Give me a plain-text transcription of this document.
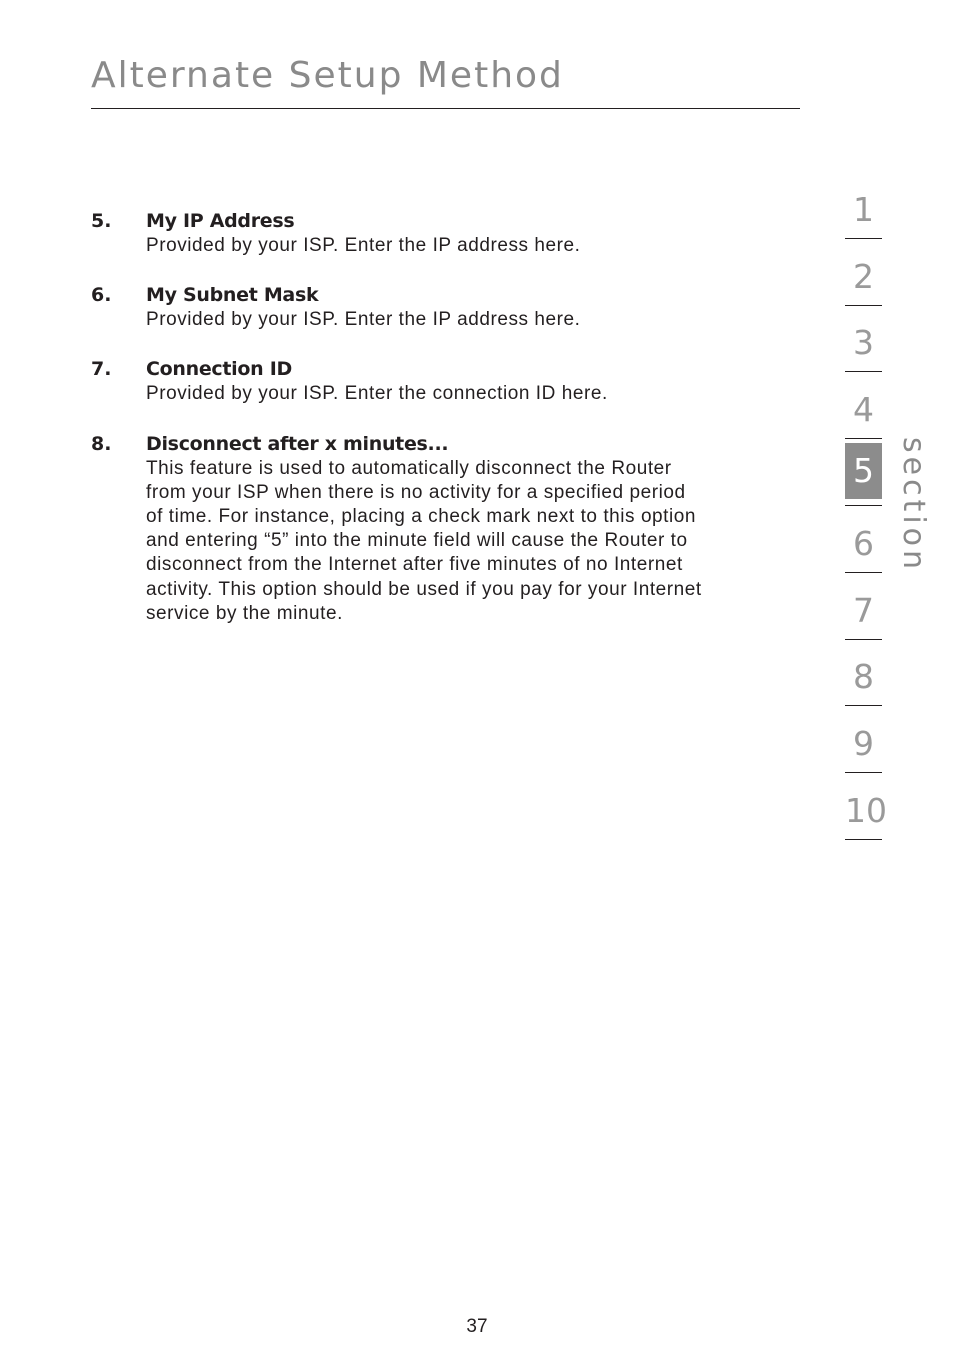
Alternate Setup Method
5. My IP Address
Provided by your ISP. Enter the IP address here.
6. My Subnet Mask
Provided by your ISP. Enter the IP address here.
7. Connection ID
Provided by your ISP. Enter the connection ID here.
8. Disconnect after x minutes...
This feature is used to automatically disconnect the Router
from your ISP when there is no activity for a specified period
of time. For instance, placing a check mark next to this option
and entering “5” into the minute field will cause the Router to
disconnect from the Internet after five minutes of no Internet
activity. This option should be used if you pay for your Internet
service by the minute.
1
2
3
4
5
6
7
8
9
10
section
37
